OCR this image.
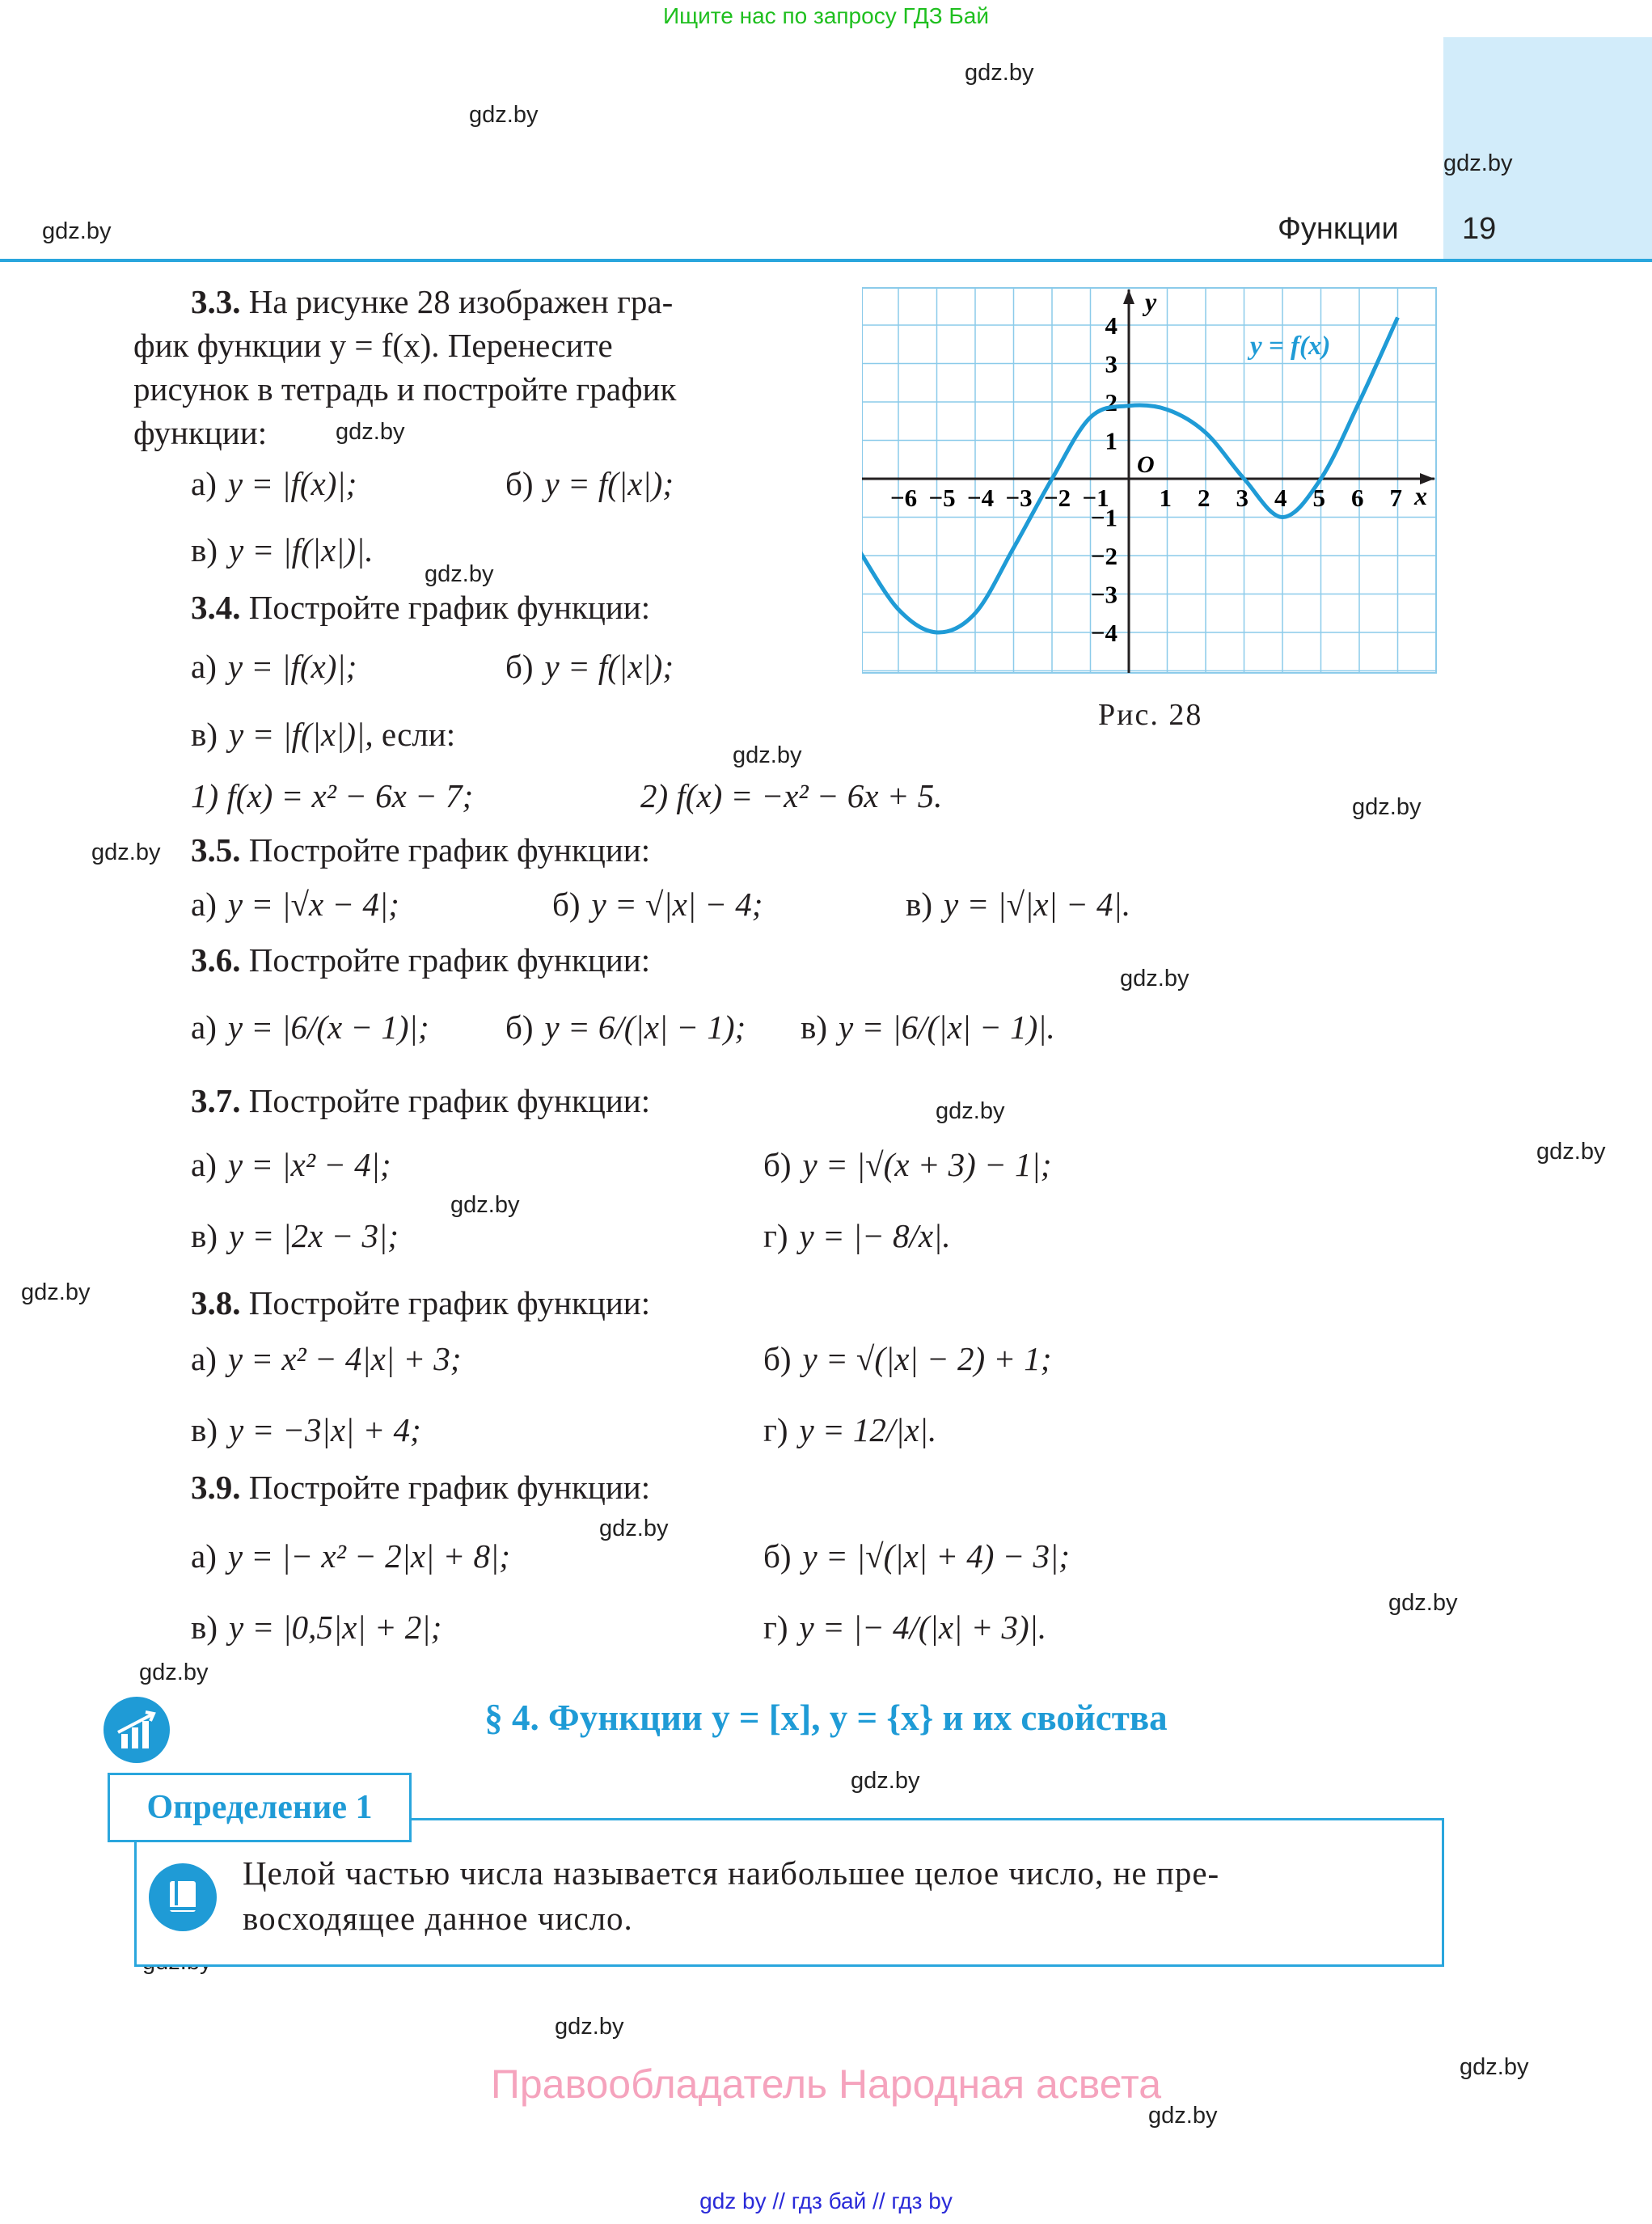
Ищите нас по запросу ГДЗ Бай
Функции 19
gdz.by
gdz.by
gdz.by
gdz.by
gdz.by
gdz.by
gdz.by
gdz.by
gdz.by
gdz.by
gdz.by
gdz.by
gdz.by
gdz.by
gdz.by
gdz.by
gdz.by
gdz.by
gdz.by
gdz.by
gdz.by
3.3. На рисунке 28 изображен гра-
фик функции y = f(x). Перенесите
рисунок в тетрадь и постройте график
функции:
а) y = |f(x)|;	б) y = f(|x|);
в) y = |f(|x|)|.
3.4. Постройте график функции:
а) y = |f(x)|;	б) y = f(|x|);
в) y = |f(|x|)|, если:
1) f(x) = x² − 6x − 7;	2) f(x) = −x² − 6x + 5.
3.5. Постройте график функции:
а) y = |√x − 4|;	б) y = √|x| − 4;	в) y = |√|x| − 4|.
3.6. Постройте график функции:
а) y = |6/(x − 1)|; б) y = 6/(|x| − 1); в) y = |6/(|x| − 1)|.
3.7. Постройте график функции:
а) y = |x² − 4|;	б) y = |√(x + 3) − 1|;
в) y = |2x − 3|;	г) y = |− 8/x|.
3.8. Постройте график функции:
а) y = x² − 4|x| + 3;	б) y = √(|x| − 2) + 1;
в) y = −3|x| + 4;	г) y = 12/|x|.
3.9. Постройте график функции:
а) y = |− x² − 2|x| + 8|;	б) y = |√(|x| + 4) − 3|;
в) y = |0,5|x| + 2|;	г) y = |− 4/(|x| + 3)|.
−6 −5 −4 −3 −2 −1 1 2 3 4 5 6 7
4
3
2
1
−1
−2
−3
−4
y = f(x)
x
y
O
Рис. 28
§ 4. Функции y = [x], y = {x} и их свойства
Определение 1
Целой частью числа называется наибольшее целое число, не пре-
восходящее данное число.
Правообладатель Народная асвета
gdz by // гдз бай // гдз by
